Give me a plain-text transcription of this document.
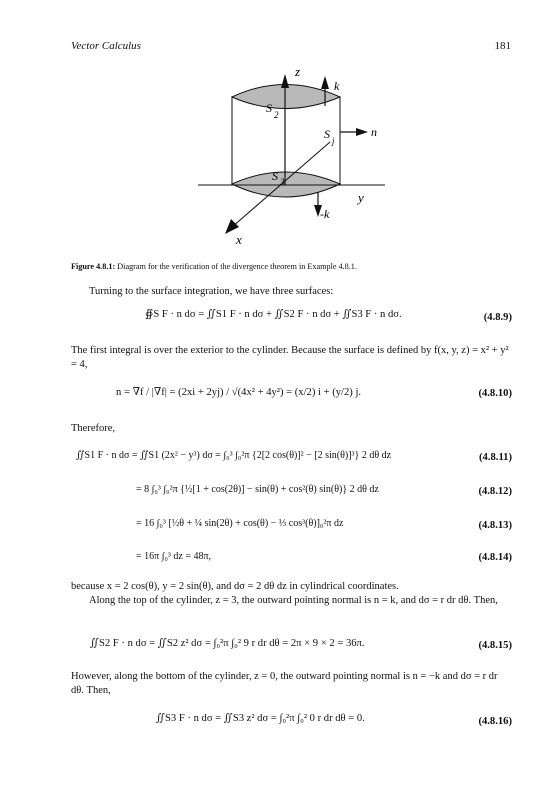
Vector Calculus	181
z
k
S 2
S j
n
S 3
y
-k
x
Figure 4.8.1: Diagram for the verification of the divergence theorem in Example 4.8.1.
Turning to the surface integration, we have three surfaces:
∯S F · n dσ = ∬S1 F · n dσ + ∬S2 F · n dσ + ∬S3 F · n dσ.	(4.8.9)
The first integral is over the exterior to the cylinder. Because the surface is defined by f(x, y, z) = x² + y² = 4,
n = ∇f / |∇f| = (2xi + 2yj) / √(4x² + 4y²) = (x/2) i + (y/2) j.	(4.8.10)
Therefore,
∬S1 F · n dσ = ∬S1 (2x² − y³) dσ = ∫₀³ ∫₀²π {2[2 cos(θ)]² − [2 sin(θ)]³} 2 dθ dz	(4.8.11)
= 8 ∫₀³ ∫₀²π {½[1 + cos(2θ)] − sin(θ) + cos²(θ) sin(θ)} 2 dθ dz	(4.8.12)
= 16 ∫₀³ [½θ + ¼ sin(2θ) + cos(θ) − ⅓ cos³(θ)]₀²π dz	(4.8.13)
= 16π ∫₀³ dz = 48π,	(4.8.14)
because x = 2 cos(θ), y = 2 sin(θ), and dσ = 2 dθ dz in cylindrical coordinates.
Along the top of the cylinder, z = 3, the outward pointing normal is n = k, and dσ = r dr dθ. Then,
∬S2 F · n dσ = ∬S2 z² dσ = ∫₀²π ∫₀² 9 r dr dθ = 2π × 9 × 2 = 36π.	(4.8.15)
However, along the bottom of the cylinder, z = 0, the outward pointing normal is n = −k and dσ = r dr dθ. Then,
∬S3 F · n dσ = ∬S3 z² dσ = ∫₀²π ∫₀² 0 r dr dθ = 0.	(4.8.16)
